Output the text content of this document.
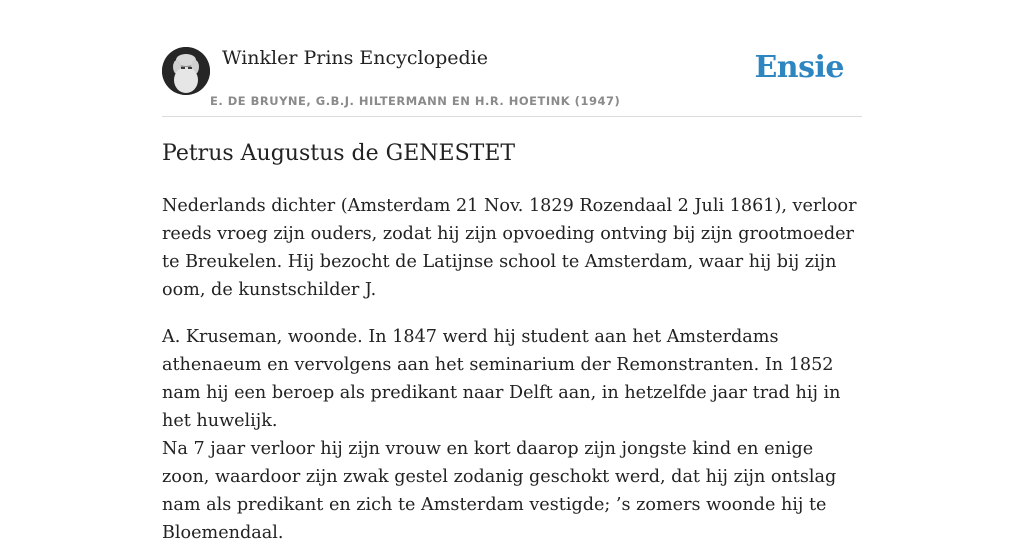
Winkler Prins Encyclopedie
E. DE BRUYNE, G.B.J. HILTERMANN EN H.R. HOETINK (1947)
Ensie
Petrus Augustus de GENESTET

Nederlands dichter (Amsterdam 21 Nov. 1829 Rozendaal 2 Juli 1861), verloor reeds vroeg zijn ouders, zodat hij zijn opvoeding ontving bij zijn grootmoeder te Breukelen. Hij bezocht de Latijnse school te Amsterdam, waar hij bij zijn oom, de kunstschilder J.

A. Kruseman, woonde. In 1847 werd hij student aan het Amsterdams athenaeum en vervolgens aan het seminarium der Remonstranten. In 1852 nam hij een beroep als predikant naar Delft aan, in hetzelfde jaar trad hij in het huwelijk.

Na 7 jaar verloor hij zijn vrouw en kort daarop zijn jongste kind en enige zoon, waardoor zijn zwak gestel zodanig geschokt werd, dat hij zijn ontslag nam als predikant en zich te Amsterdam vestigde; ’s zomers woonde hij te Bloemendaal.
